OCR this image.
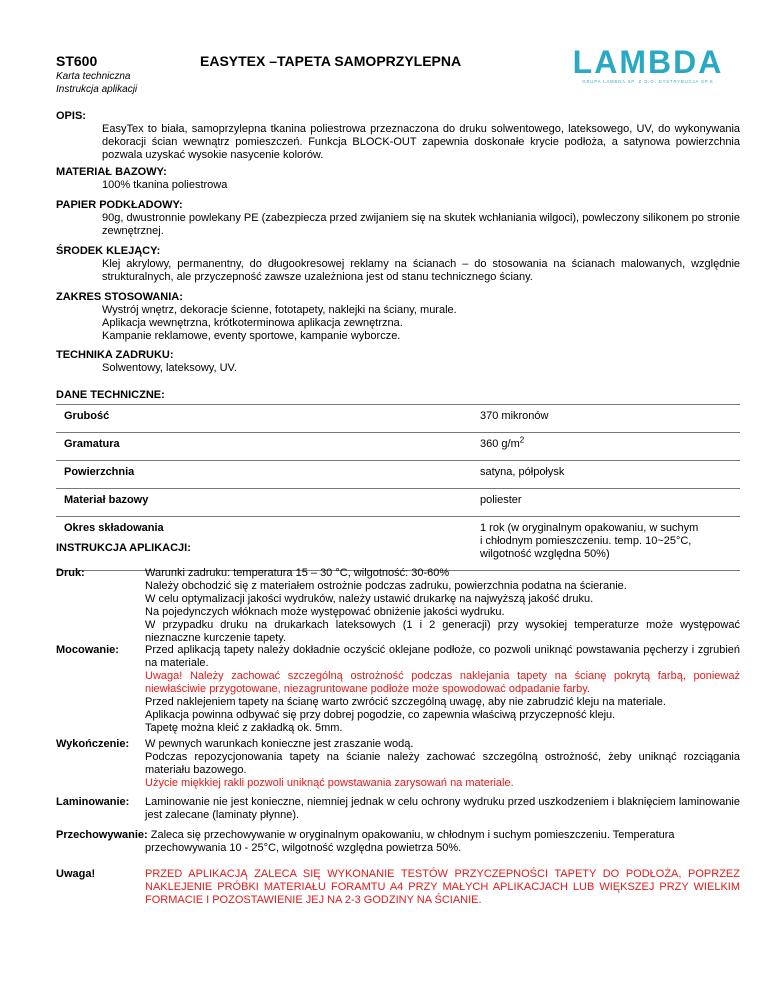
ST600	EASYTEX –TAPETA SAMOPRZYLEPNA
Karta techniczna
Instrukcja aplikacji
LAMBDA
GRUPA LAMBDA SP. Z O.O. DYSTRYBUCJA SP.K
OPIS:

EasyTex to biała, samoprzylepna tkanina poliestrowa przeznaczona do druku solwentowego, lateksowego, UV, do wykonywania dekoracji ścian wewnątrz pomieszczeń. Funkcja BLOCK-OUT zapewnia doskonałe krycie podłoża, a satynowa powierzchnia pozwala uzyskać wysokie nasycenie kolorów.

MATERIAŁ BAZOWY:

100% tkanina poliestrowa

PAPIER PODKŁADOWY:

90g, dwustronnie powlekany PE (zabezpiecza przed zwijaniem się na skutek wchłaniania wilgoci), powleczony silikonem po stronie zewnętrznej.

ŚRODEK KLEJĄCY:

Klej akrylowy, permanentny, do długookresowej reklamy na ścianach – do stosowania na ścianach malowanych, względnie strukturalnych, ale przyczepność zawsze uzależniona jest od stanu technicznego ściany.

ZAKRES STOSOWANIA:

Wystrój wnętrz, dekoracje ścienne, fototapety, naklejki na ściany, murale.

Aplikacja wewnętrzna, krótkoterminowa aplikacja zewnętrzna.

Kampanie reklamowe, eventy sportowe, kampanie wyborcze.

TECHNIKA ZADRUKU:

Solwentowy, lateksowy, UV.

DANE TECHNICZNE:
Grubość	370 mikronów
Gramatura	360 $g/m^2$
Powierzchnia	satyna, półpołysk
Materiał bazowy	poliester
Okres składowania	1 rok (w oryginalnym opakowaniu, w suchym i chłodnym pomieszczeniu. temp. 10~25°C, wilgotność względna 50%)
INSTRUKCJA APLIKACJI:
Druk:	Warunki zadruku: temperatura 15 – 30 °C, wilgotność: 30-60%
Należy obchodzić się z materiałem ostrożnie podczas zadruku, powierzchnia podatna na ścieranie.
W celu optymalizacji jakości wydruków, należy ustawić drukarkę na najwyższą jakość druku.
Na pojedynczych włóknach może występować obniżenie jakości wydruku.
W przypadku druku na drukarkach lateksowych (1 i 2 generacji) przy wysokiej temperaturze może występować nieznaczne kurczenie tapety.
Mocowanie: Przed aplikacją tapety należy dokładnie oczyścić oklejane podłoże, co pozwoli uniknąć powstawania pęcherzy i zgrubień na materiale.
Uwaga! Należy zachować szczególną ostrożność podczas naklejania tapety na ścianę pokrytą farbą, ponieważ niewłaściwie przygotowane, niezagruntowane podłoże może spowodować odpadanie farby.
Przed naklejeniem tapety na ścianę warto zwrócić szczególną uwagę, aby nie zabrudzić kleju na materiale.
Aplikacja powinna odbywać się przy dobrej pogodzie, co zapewnia właściwą przyczepność kleju.
Tapetę można kleić z zakładką ok. 5mm.
Wykończenie: W pewnych warunkach konieczne jest zraszanie wodą.
Podczas repozycjonowania tapety na ścianie należy zachować szczególną ostrożność, żeby uniknąć rozciągania materiału bazowego.
Użycie miękkiej rakli pozwoli uniknąć powstawania zarysowań na materiale.
Laminowanie: Laminowanie nie jest konieczne, niemniej jednak w celu ochrony wydruku przed uszkodzeniem i blaknięciem laminowanie jest zalecane (laminaty płynne).
Przechowywanie: Zaleca się przechowywanie w oryginalnym opakowaniu, w chłodnym i suchym pomieszczeniu. Temperatura przechowywania 10 - 25°C, wilgotność względna powietrza 50%.
Uwaga!	PRZED APLIKACJĄ ZALECA SIĘ WYKONANIE TESTÓW PRZYCZEPNOŚCI TAPETY DO PODŁOŻA, POPRZEZ NAKLEJENIE PRÓBKI MATERIAŁU FORAMTU A4 PRZY MAŁYCH APLIKACJACH LUB WIĘKSZEJ PRZY WIELKIM FORMACIE I POZOSTAWIENIE JEJ NA 2-3 GODZINY NA ŚCIANIE.
